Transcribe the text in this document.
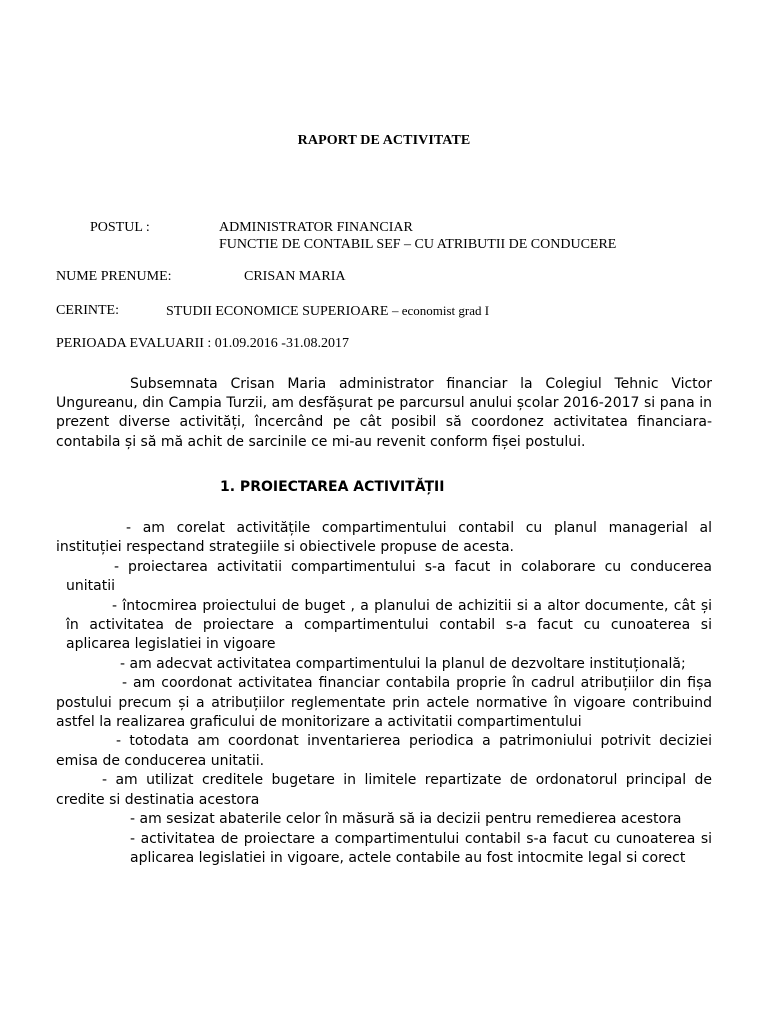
RAPORT DE ACTIVITATE
POSTUL :	ADMINISTRATOR FINANCIAR
FUNCTIE DE CONTABIL SEF – CU ATRIBUTII DE CONDUCERE
NUME PRENUME:	CRISAN MARIA
CERINTE:	STUDII ECONOMICE SUPERIOARE – economist grad I
PERIOADA EVALUARII : 01.09.2016 -31.08.2017

Subsemnata Crisan Maria administrator financiar la Colegiul Tehnic Victor Ungureanu, din Campia Turzii, am desfășurat pe parcursul anului școlar 2016-2017 si pana in prezent diverse activități, încercând pe cât posibil să coordonez activitatea financiara-contabila și să mă achit de sarcinile ce mi-au revenit conform fișei postului.

1. PROIECTAREA ACTIVITĂȚII
- am corelat activitățile compartimentului contabil cu planul managerial al instituției respectand strategiile si obiectivele propuse de acesta.
- proiectarea activitatii compartimentului s-a facut in colaborare cu conducerea unitatii
- întocmirea proiectului de buget , a planului de achizitii si a altor documente, cât și în activitatea de proiectare a compartimentului contabil s-a facut cu cunoaterea si aplicarea legislatiei in vigoare
- am adecvat activitatea compartimentului la planul de dezvoltare instituțională;
- am coordonat activitatea financiar contabila proprie în cadrul atribuțiilor din fișa postului precum și a atribuțiilor reglementate prin actele normative în vigoare contribuind astfel la realizarea graficului de monitorizare a activitatii compartimentului
- totodata am coordonat inventarierea periodica a patrimoniului potrivit deciziei emisa de conducerea unitatii.
- am utilizat creditele bugetare in limitele repartizate de ordonatorul principal de credite si destinatia acestora
- am sesizat abaterile celor în măsură să ia decizii pentru remedierea acestora
- activitatea de proiectare a compartimentului contabil s-a facut cu cunoaterea si aplicarea legislatiei in vigoare, actele contabile au fost intocmite legal si corect
